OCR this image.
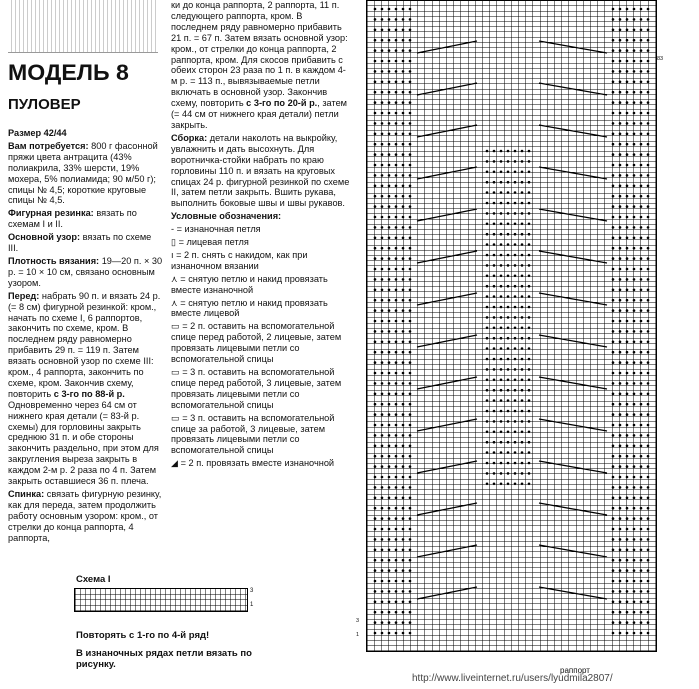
МОДЕЛЬ 8
ПУЛОВЕР

Размер 42/44

Вам потребуется: 800 г фасонной пряжи цвета антрацита (43% полиакрила, 33% шерсти, 19% мохера, 5% полиамида; 90 м/50 г); спицы № 4,5; короткие круговые спицы № 4,5.

Фигурная резинка: вязать по схемам I и II.

Основной узор: вязать по схеме III.

Плотность вязания: 19—20 п. × 30 р. = 10 × 10 см, связано основным узором.

Перед: набрать 90 п. и вязать 24 р. (= 8 см) фигурной резинкой: кром., начать по схеме I, 6 раппортов, закончить по схеме, кром. В последнем ряду равномерно прибавить 29 п. = 119 п. Затем вязать основной узор по схеме III: кром., 4 раппорта, закончить по схеме, кром. Закончив схему, повторить с 3-го по 88-й р. Одновременно через 64 см от нижнего края детали (= 83-й р. схемы) для горловины закрыть среднюю 31 п. и обе стороны закончить раздельно, при этом для закругления выреза закрыть в каждом 2-м р. 2 раза по 4 п. Затем закрыть оставшиеся 36 п. плеча.

Спинка: связать фигурную резинку, как для переда, затем продолжить работу основным узором: кром., от стрелки до конца раппорта, 4 раппорта,

Схема I
3
1
Повторять с 1-го по 4-й ряд!
В изнаночных рядах петли вязать по рисунку.

ки до конца раппорта, 2 раппорта, 11 п. следующего раппорта, кром. В последнем ряду равномерно прибавить 21 п. = 67 п. Затем вязать основной узор: кром., от стрелки до конца раппорта, 2 раппорта, кром. Для скосов прибавить с обеих сторон 23 раза по 1 п. в каждом 4-м р. = 113 п., вывязываемые петли включать в основной узор. Закончив схему, повторить с 3-го по 20-й р., затем (= 44 см от нижнего края детали) петли закрыть.

Сборка: детали наколоть на выкройку, увлажнить и дать высохнуть. Для воротничка-стойки набрать по краю горловины 110 п. и вязать на круговых спицах 24 р. фигурной резинкой по схеме II, затем петли закрыть. Вшить рукава, выполнить боковые швы и швы рукавов.

Условные обозначения:

- = изнаночная петля

▯ = лицевая петля

ı = 2 п. снять с накидом, как при изнаночном вязании

⋏ = снятую петлю и накид провязать вместе изнаночной

⋏ = снятую петлю и накид провязать вместе лицевой

▭ = 2 п. оставить на вспомогательной спице перед работой, 2 лицевые, затем провязать лицевыми петли со вспомогательной спицы

▭ = 3 п. оставить на вспомогательной спице перед работой, 3 лицевые, затем провязать лицевыми петли со вспомогательной спицы

▭ = 3 п. оставить на вспомогательной спице за работой, 3 лицевые, затем провязать лицевыми петли со вспомогательной спицы

◢ = 2 п. провязать вместе изнаночной

83
3
1
раппорт
http://www.liveinternet.ru/users/lyudmila2807/
